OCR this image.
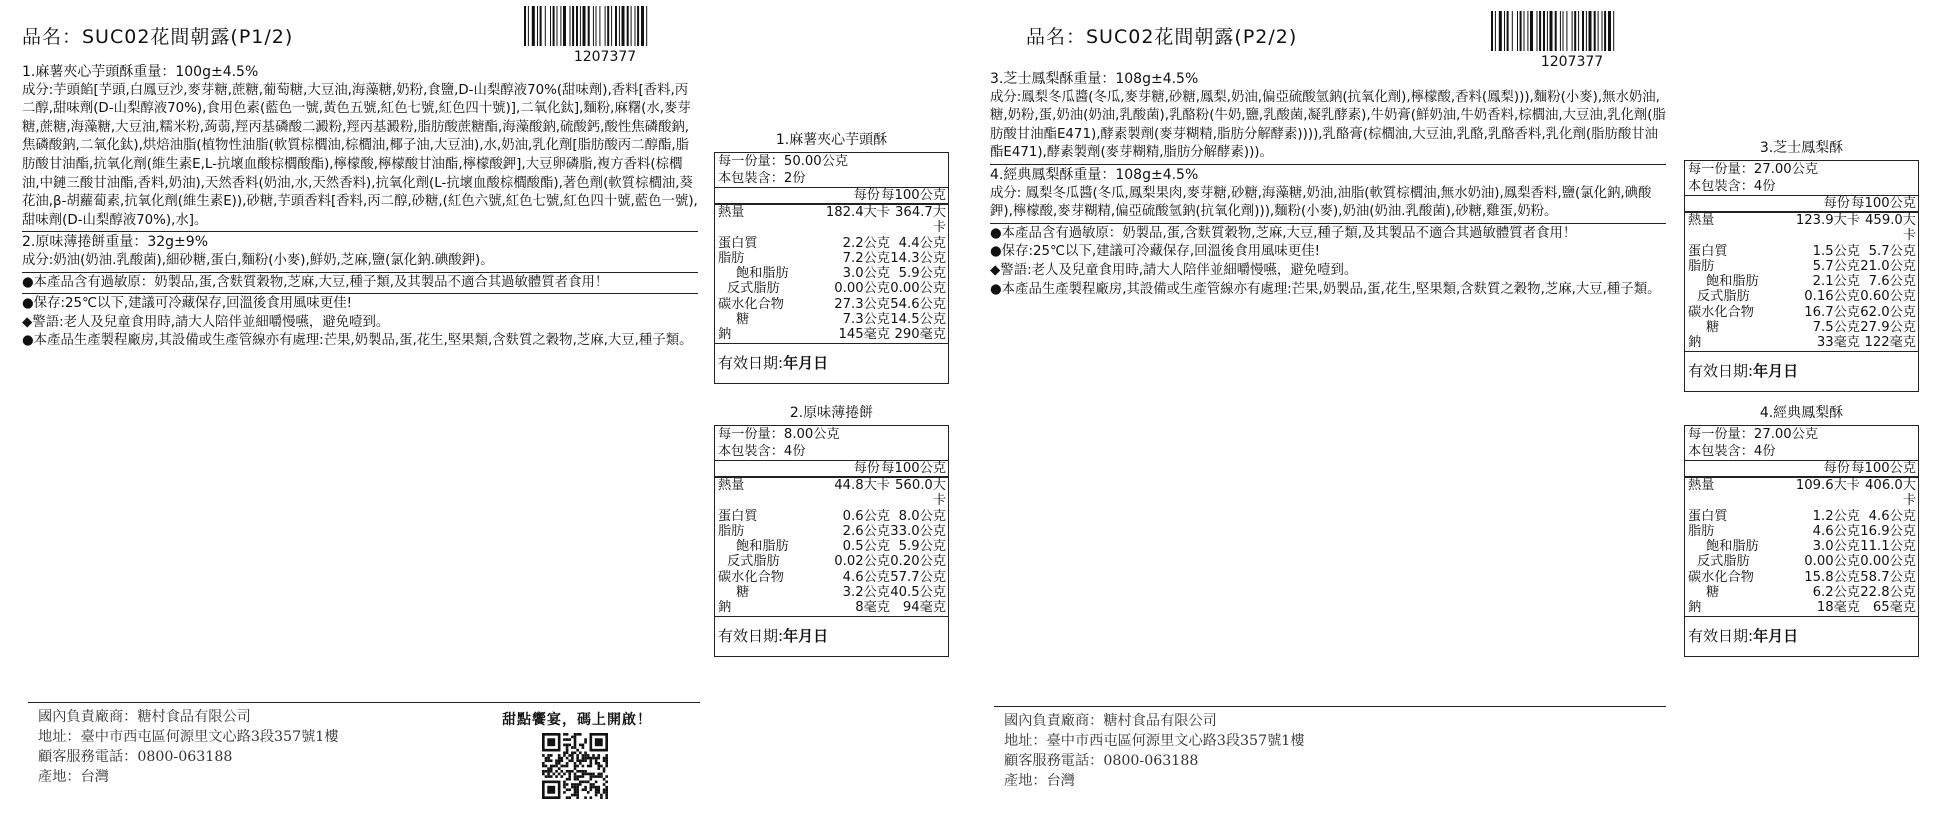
品名：SUC02花間朝露(P1/2)
1207377

1.麻薯夾心芋頭酥重量：100g±4.5%

成分:芋頭餡[芋頭,白鳳豆沙,麥芽糖,蔗糖,葡萄糖,大豆油,海藻糖,奶粉,食鹽,D-山梨醇液70%(甜味劑),香料[香料,丙二醇,甜味劑(D-山梨醇液70%),食用色素(藍色一號,黃色五號,紅色七號,紅色四十號)],二氧化鈦],麵粉,麻糬(水,麥芽糖,蔗糖,海藻糖,大豆油,糯米粉,蒟蒻,羥丙基磷酸二澱粉,羥丙基澱粉,脂肪酸蔗糖酯,海藻酸鈉,硫酸鈣,酸性焦磷酸鈉,焦磷酸鈉,二氧化鈦),烘焙油脂(植物性油脂(軟質棕櫚油,棕櫚油,椰子油,大豆油),水,奶油,乳化劑[脂肪酸丙二醇酯,脂肪酸甘油酯,抗氧化劑(維生素E,L-抗壞血酸棕櫚酸酯),檸檬酸,檸檬酸甘油酯,檸檬酸鉀],大豆卵磷脂,複方香料(棕櫚油,中鏈三酸甘油酯,香料,奶油),天然香料(奶油,水,天然香料),抗氧化劑(L-抗壞血酸棕櫚酸酯),著色劑(軟質棕櫚油,葵花油,β-胡蘿蔔素,抗氧化劑(維生素E)),砂糖,芋頭香料[香料,丙二醇,砂糖,(紅色六號,紅色七號,紅色四十號,藍色一號),甜味劑(D-山梨醇液70%),水]。

2.原味薄捲餅重量：32g±9%

成分:奶油(奶油.乳酸菌),細砂糖,蛋白,麵粉(小麥),鮮奶,芝麻,鹽(氯化鈉.碘酸鉀)。

●本產品含有過敏原：奶製品,蛋,含麩質穀物,芝麻,大豆,種子類,及其製品不適合其過敏體質者食用！

●保存:25℃以下,建議可冷藏保存,回溫後食用風味更佳!

◆警語:老人及兒童食用時,請大人陪伴並細嚼慢嚥，避免噎到。

●本產品生產製程廠房,其設備或生產管線亦有處理:芒果,奶製品,蛋,花生,堅果類,含麩質之穀物,芝麻,大豆,種子類。

1.麻薯夾心芋頭酥
每一份量：50.00公克
本包裝含：2份
每份 每100公克
熱量	182.4大卡 364.7大卡
蛋白質	2.2公克 4.4公克
脂肪	7.2公克 14.3公克
飽和脂肪	3.0公克 5.9公克
反式脂肪	0.00公克 0.00公克
碳水化合物	27.3公克 54.6公克
糖	7.3公克 14.5公克
鈉	145毫克 290毫克
有效日期:年月日
2.原味薄捲餅
每一份量：8.00公克
本包裝含：4份
每份 每100公克
熱量	44.8大卡 560.0大卡
蛋白質	0.6公克 8.0公克
脂肪	2.6公克 33.0公克
飽和脂肪	0.5公克 5.9公克
反式脂肪	0.02公克 0.20公克
碳水化合物	4.6公克 57.7公克
糖	3.2公克 40.5公克
鈉	8毫克 94毫克
有效日期:年月日
國內負責廠商：糖村食品有限公司
地址：臺中市西屯區何源里文心路3段357號1樓
顧客服務電話：0800-063188
產地：台灣
甜點饗宴，碼上開啟！
品名：SUC02花間朝露(P2/2)
1207377

3.芝士鳳梨酥重量：108g±4.5%

成分:鳳梨冬瓜醬(冬瓜,麥芽糖,砂糖,鳳梨,奶油,偏亞硫酸氫鈉(抗氧化劑),檸檬酸,香料(鳳梨))),麵粉(小麥),無水奶油,糖,奶粉,蛋,奶油(奶油,乳酸菌),乳酪粉(牛奶,鹽,乳酸菌,凝乳酵素),牛奶膏(鮮奶油,牛奶香料,棕櫚油,大豆油,乳化劑(脂肪酸甘油酯E471),酵素製劑(麥芽糊精,脂肪分解酵素)))),乳酪膏(棕櫚油,大豆油,乳酪,乳酪香料,乳化劑(脂肪酸甘油酯E471),酵素製劑(麥芽糊精,脂肪分解酵素)))。

4.經典鳳梨酥重量：108g±4.5%

成分: 鳳梨冬瓜醬(冬瓜,鳳梨果肉,麥芽糖,砂糖,海藻糖,奶油,油脂(軟質棕櫚油,無水奶油),鳳梨香料,鹽(氯化鈉,碘酸鉀),檸檬酸,麥芽糊精,偏亞硫酸氫鈉(抗氧化劑))),麵粉(小麥),奶油(奶油.乳酸菌),砂糖,雞蛋,奶粉。

●本產品含有過敏原：奶製品,蛋,含麩質穀物,芝麻,大豆,種子類,及其製品不適合其過敏體質者食用！

●保存:25℃以下,建議可冷藏保存,回溫後食用風味更佳!

◆警語:老人及兒童食用時,請大人陪伴並細嚼慢嚥，避免噎到。

●本產品生產製程廠房,其設備或生產管線亦有處理:芒果,奶製品,蛋,花生,堅果類,含麩質之穀物,芝麻,大豆,種子類。

3.芝士鳳梨酥
每一份量：27.00公克
本包裝含：4份
每份 每100公克
熱量	123.9大卡 459.0大卡
蛋白質	1.5公克 5.7公克
脂肪	5.7公克 21.0公克
飽和脂肪	2.1公克 7.6公克
反式脂肪	0.16公克 0.60公克
碳水化合物	16.7公克 62.0公克
糖	7.5公克 27.9公克
鈉	33毫克 122毫克
有效日期:年月日
4.經典鳳梨酥
每一份量：27.00公克
本包裝含：4份
每份 每100公克
熱量	109.6大卡 406.0大卡
蛋白質	1.2公克 4.6公克
脂肪	4.6公克 16.9公克
飽和脂肪	3.0公克 11.1公克
反式脂肪	0.00公克 0.00公克
碳水化合物	15.8公克 58.7公克
糖	6.2公克 22.8公克
鈉	18毫克 65毫克
有效日期:年月日
國內負責廠商：糖村食品有限公司
地址：臺中市西屯區何源里文心路3段357號1樓
顧客服務電話：0800-063188
產地：台灣
